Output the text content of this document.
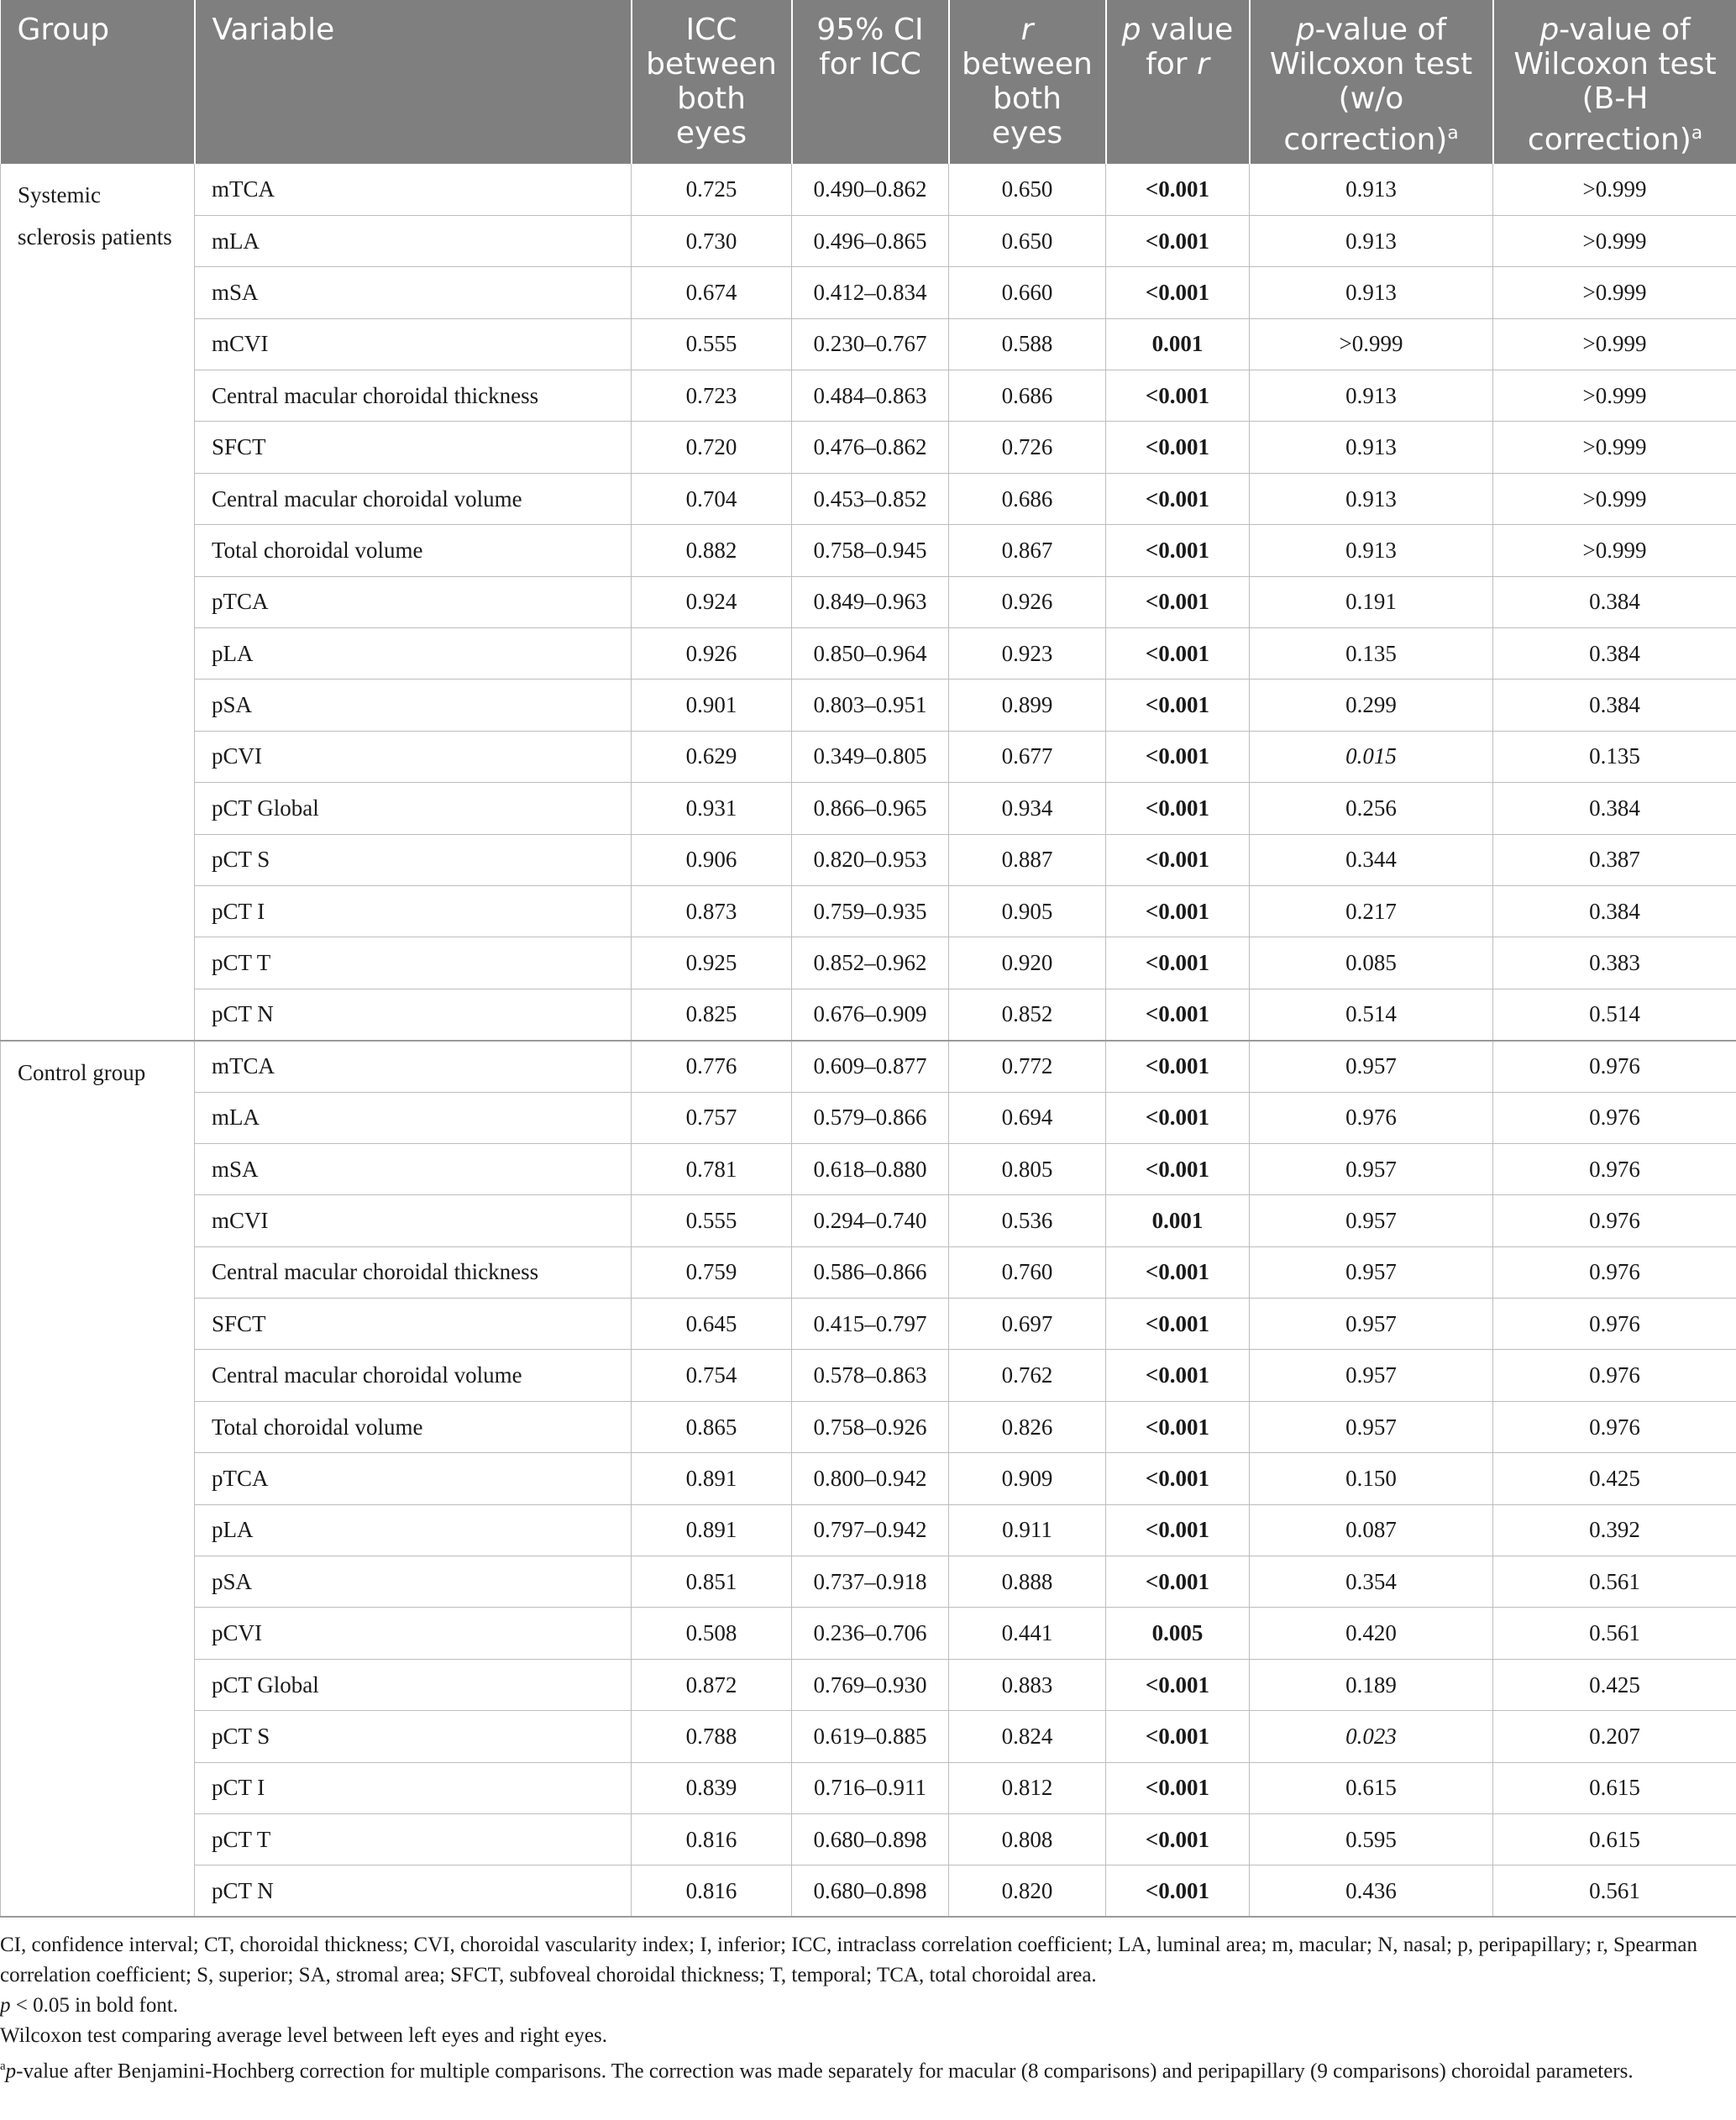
Group	Variable	ICC between both eyes	95% CI for ICC	r between both eyes	p value for r	p-value of Wilcoxon test (w/o correction)$^a$	p-value of Wilcoxon test (B-H correction)$^a$
Systemic sclerosis patients	mTCA	0.725	0.490–0.862	0.650	<0.001	0.913	>0.999
	mLA	0.730	0.496–0.865	0.650	<0.001	0.913	>0.999
	mSA	0.674	0.412–0.834	0.660	<0.001	0.913	>0.999
	mCVI	0.555	0.230–0.767	0.588	0.001	>0.999	>0.999
	Central macular choroidal thickness	0.723	0.484–0.863	0.686	<0.001	0.913	>0.999
	SFCT	0.720	0.476–0.862	0.726	<0.001	0.913	>0.999
	Central macular choroidal volume	0.704	0.453–0.852	0.686	<0.001	0.913	>0.999
	Total choroidal volume	0.882	0.758–0.945	0.867	<0.001	0.913	>0.999
	pTCA	0.924	0.849–0.963	0.926	<0.001	0.191	0.384
	pLA	0.926	0.850–0.964	0.923	<0.001	0.135	0.384
	pSA	0.901	0.803–0.951	0.899	<0.001	0.299	0.384
	pCVI	0.629	0.349–0.805	0.677	<0.001	0.015	0.135
	pCT Global	0.931	0.866–0.965	0.934	<0.001	0.256	0.384
	pCT S	0.906	0.820–0.953	0.887	<0.001	0.344	0.387
	pCT I	0.873	0.759–0.935	0.905	<0.001	0.217	0.384
	pCT T	0.925	0.852–0.962	0.920	<0.001	0.085	0.383
	pCT N	0.825	0.676–0.909	0.852	<0.001	0.514	0.514
Control group	mTCA	0.776	0.609–0.877	0.772	<0.001	0.957	0.976
	mLA	0.757	0.579–0.866	0.694	<0.001	0.976	0.976
	mSA	0.781	0.618–0.880	0.805	<0.001	0.957	0.976
	mCVI	0.555	0.294–0.740	0.536	0.001	0.957	0.976
	Central macular choroidal thickness	0.759	0.586–0.866	0.760	<0.001	0.957	0.976
	SFCT	0.645	0.415–0.797	0.697	<0.001	0.957	0.976
	Central macular choroidal volume	0.754	0.578–0.863	0.762	<0.001	0.957	0.976
	Total choroidal volume	0.865	0.758–0.926	0.826	<0.001	0.957	0.976
	pTCA	0.891	0.800–0.942	0.909	<0.001	0.150	0.425
	pLA	0.891	0.797–0.942	0.911	<0.001	0.087	0.392
	pSA	0.851	0.737–0.918	0.888	<0.001	0.354	0.561
	pCVI	0.508	0.236–0.706	0.441	0.005	0.420	0.561
	pCT Global	0.872	0.769–0.930	0.883	<0.001	0.189	0.425
	pCT S	0.788	0.619–0.885	0.824	<0.001	0.023	0.207
	pCT I	0.839	0.716–0.911	0.812	<0.001	0.615	0.615
	pCT T	0.816	0.680–0.898	0.808	<0.001	0.595	0.615
	pCT N	0.816	0.680–0.898	0.820	<0.001	0.436	0.561

CI, confidence interval; CT, choroidal thickness; CVI, choroidal vascularity index; I, inferior; ICC, intraclass correlation coefficient; LA, luminal area; m, macular; N, nasal; p, peripapillary; r, Spearman correlation coefficient; S, superior; SA, stromal area; SFCT, subfoveal choroidal thickness; T, temporal; TCA, total choroidal area.

p < 0.05 in bold font.

Wilcoxon test comparing average level between left eyes and right eyes.

$^a$p-value after Benjamini-Hochberg correction for multiple comparisons. The correction was made separately for macular (8 comparisons) and peripapillary (9 comparisons) choroidal parameters.
